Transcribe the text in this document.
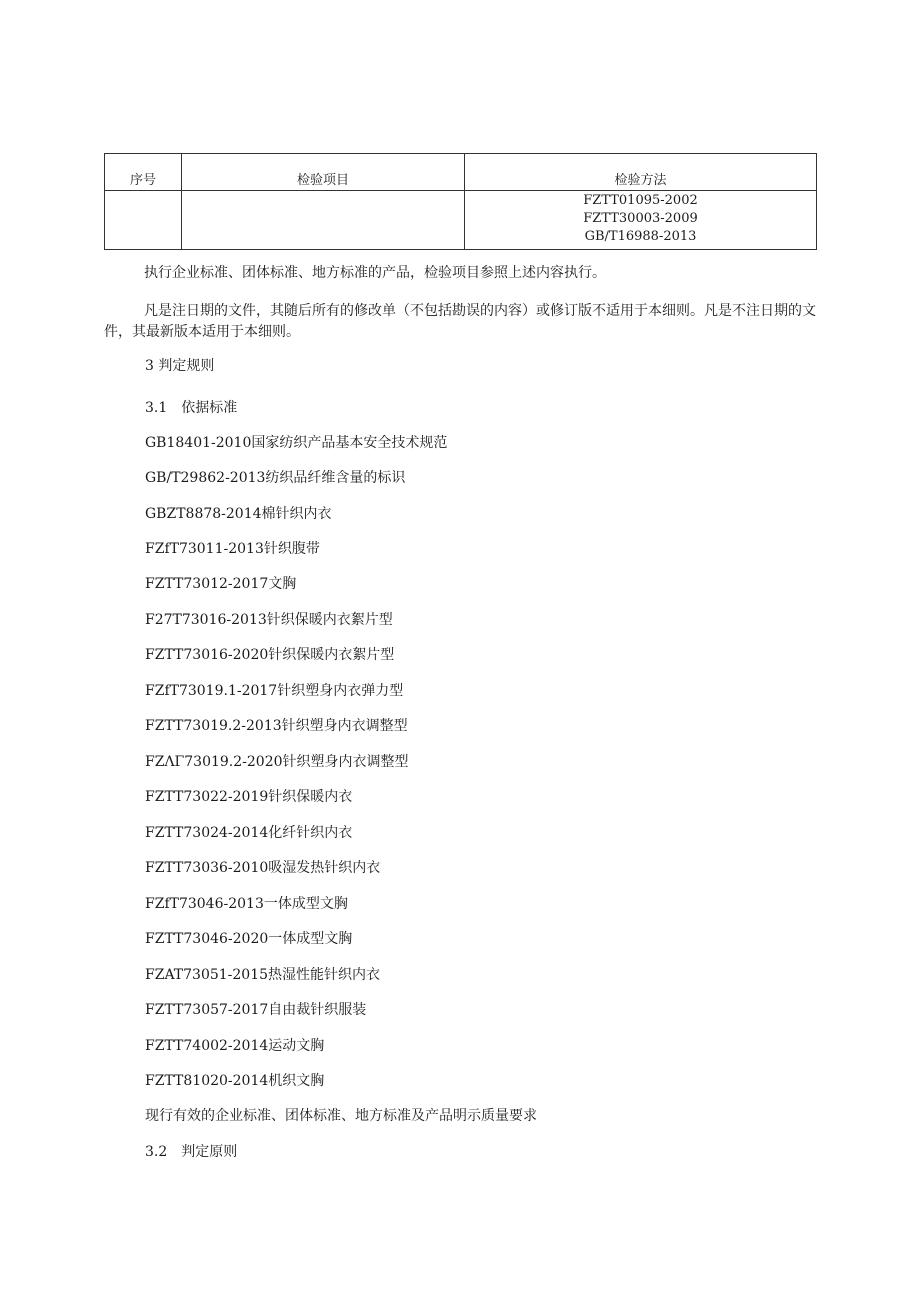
序号	检验项目	检验方法

		FZTT01095-2002
FZTT30003-2009
GB/T16988-2013

执行企业标准、团体标准、地方标准的产品，检验项目参照上述内容执行。

凡是注日期的文件，其随后所有的修改单（不包括勘误的内容）或修订版不适用于本细则。凡是不注日期的文件，其最新版本适用于本细则。

3 判定规则

3.1　依据标准

GB18401-2010国家纺织产品基本安全技术规范

GB/T29862-2013纺织品纤维含量的标识

GBZT8878-2014棉针织内衣

FZfT73011-2013针织腹带

FZTT73012-2017文胸

F27T73016-2013针织保暖内衣絮片型

FZTT73016-2020针织保暖内衣絮片型

FZfT73019.1-2017针织塑身内衣弹力型

FZTT73019.2-2013针织塑身内衣调整型

FZΛΓ73019.2-2020针织塑身内衣调整型

FZTT73022-2019针织保暖内衣

FZTT73024-2014化纤针织内衣

FZTT73036-2010吸湿发热针织内衣

FZfT73046-2013一体成型文胸

FZTT73046-2020一体成型文胸

FZAT73051-2015热湿性能针织内衣

FZTT73057-2017自由裁针织服装

FZTT74002-2014运动文胸

FZTT81020-2014机织文胸

现行有效的企业标准、团体标准、地方标准及产品明示质量要求

3.2　判定原则
